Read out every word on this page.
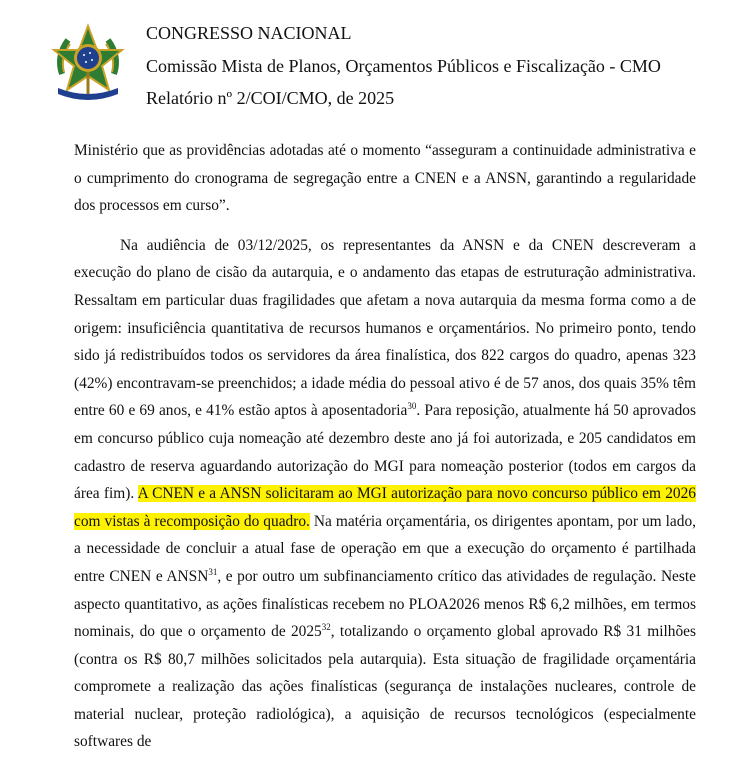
CONGRESSO NACIONAL
Comissão Mista de Planos, Orçamentos Públicos e Fiscalização - CMO
Relatório nº 2/COI/CMO, de 2025

Ministério que as providências adotadas até o momento “asseguram a continuidade administrativa e o cumprimento do cronograma de segregação entre a CNEN e a ANSN, garantindo a regularidade dos processos em curso”.

Na audiência de 03/12/2025, os representantes da ANSN e da CNEN descreveram a execução do plano de cisão da autarquia, e o andamento das etapas de estruturação administrativa. Ressaltam em particular duas fragilidades que afetam a nova autarquia da mesma forma como a de origem: insuficiência quantitativa de recursos humanos e orçamentários. No primeiro ponto, tendo sido já redistribuídos todos os servidores da área finalística, dos 822 cargos do quadro, apenas 323 (42%) encontravam-se preenchidos; a idade média do pessoal ativo é de 57 anos, dos quais 35% têm entre 60 e 69 anos, e 41% estão aptos à aposentadoria$^{30}$. Para reposição, atualmente há 50 aprovados em concurso público cuja nomeação até dezembro deste ano já foi autorizada, e 205 candidatos em cadastro de reserva aguardando autorização do MGI para nomeação posterior (todos em cargos da área fim). A CNEN e a ANSN solicitaram ao MGI autorização para novo concurso público em 2026 com vistas à recomposição do quadro. Na matéria orçamentária, os dirigentes apontam, por um lado, a necessidade de concluir a atual fase de operação em que a execução do orçamento é partilhada entre CNEN e ANSN$^{31}$, e por outro um subfinanciamento crítico das atividades de regulação. Neste aspecto quantitativo, as ações finalísticas recebem no PLOA2026 menos R$ 6,2 milhões, em termos nominais, do que o orçamento de 2025$^{32}$, totalizando o orçamento global aprovado R$ 31 milhões (contra os R$ 80,7 milhões solicitados pela autarquia). Esta situação de fragilidade orçamentária compromete a realização das ações finalísticas (segurança de instalações nucleares, controle de material nuclear, proteção radiológica), a aquisição de recursos tecnológicos (especialmente softwares de
